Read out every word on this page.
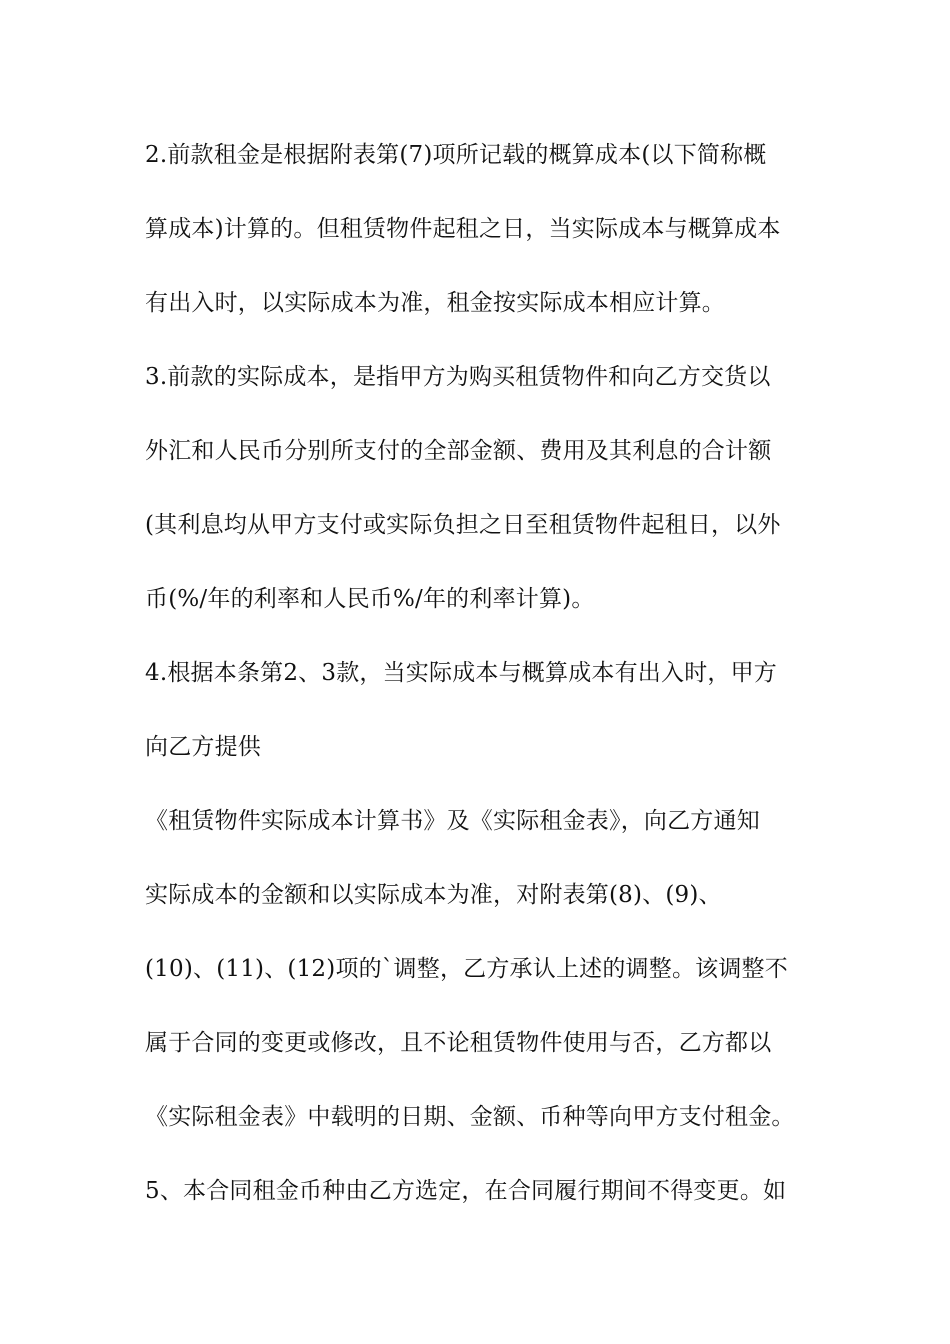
2.前款租金是根据附表第(7)项所记载的概算成本(以下简称概
算成本)计算的。但租赁物件起租之日，当实际成本与概算成本
有出入时，以实际成本为准，租金按实际成本相应计算。
3.前款的实际成本，是指甲方为购买租赁物件和向乙方交货以
外汇和人民币分别所支付的全部金额、费用及其利息的合计额
(其利息均从甲方支付或实际负担之日至租赁物件起租日，以外
币(%/年的利率和人民币%/年的利率计算)。
4.根据本条第2、3款，当实际成本与概算成本有出入时，甲方
向乙方提供
《租赁物件实际成本计算书》及《实际租金表》，向乙方通知
实际成本的金额和以实际成本为准，对附表第(8)、(9)、
(10)、(11)、(12)项的`调整，乙方承认上述的调整。该调整不
属于合同的变更或修改，且不论租赁物件使用与否，乙方都以
《实际租金表》中载明的日期、金额、币种等向甲方支付租金。
5、本合同租金币种由乙方选定，在合同履行期间不得变更。如
